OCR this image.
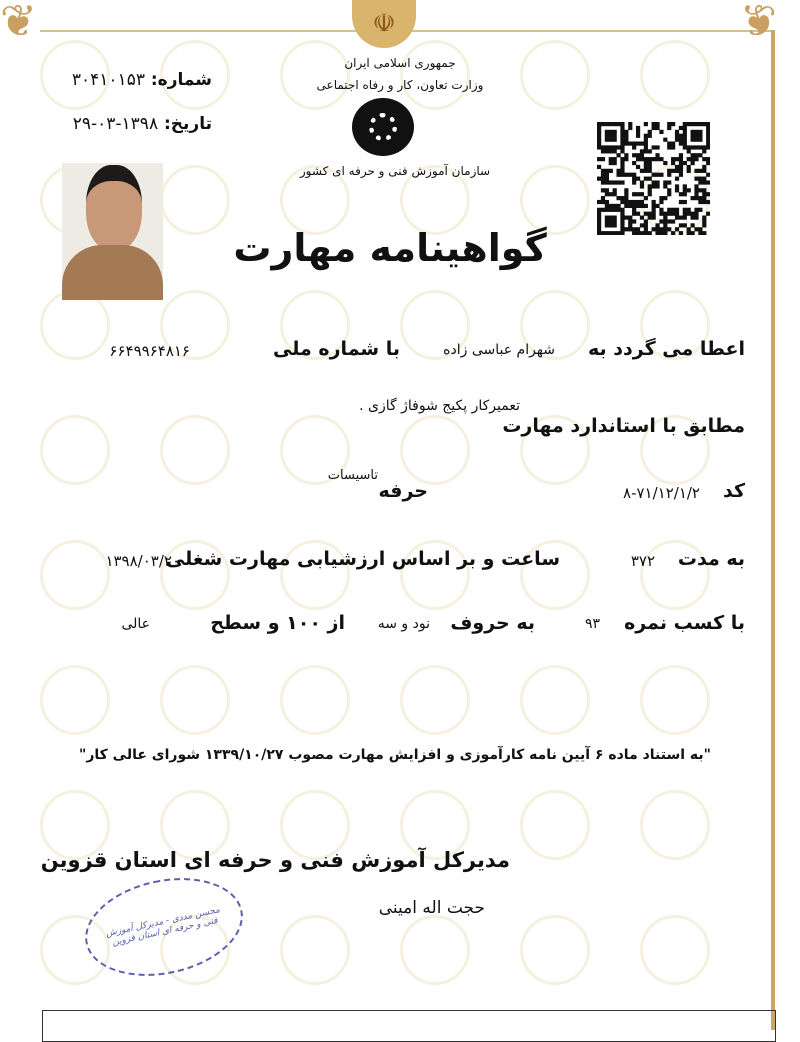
❦	❦
☫
جمهوری اسلامی ایران
وزارت تعاون، کار و رفاه اجتماعی
سازمان آموزش فنی و حرفه ای کشور
شماره: ۳۰۴۱۰۱۵۳
تاریخ: ۱۳۹۸-۰۳-۲۹
گواهینامه مهارت
اعطا می گردد به
شهرام عباسی زاده
با شماره ملی
۶۶۴۹۹۶۴۸۱۶
تعمیرکار پکیج شوفاژ گازی .
مطابق با استاندارد مهارت
کد
۸-۷۱/۱۲/۱/۲
حرفه
تاسیسات
به مدت
۳۷۲
ساعت و بر اساس ارزشیابی مهارت شغلی
۱۳۹۸/۰۳/۲۰
با کسب نمره
۹۳
به حروف
نود و سه
از ۱۰۰ و سطح
عالی
"به استناد ماده ۶ آیین نامه کارآموزی و افزایش مهارت مصوب ۱۳۳۹/۱۰/۲۷ شورای عالی کار"
مدیرکل آموزش فنی و حرفه ای استان قزوین
حجت اله امینی
محسن مددی - مدیرکل آموزش فنی و حرفه ای استان قزوین
